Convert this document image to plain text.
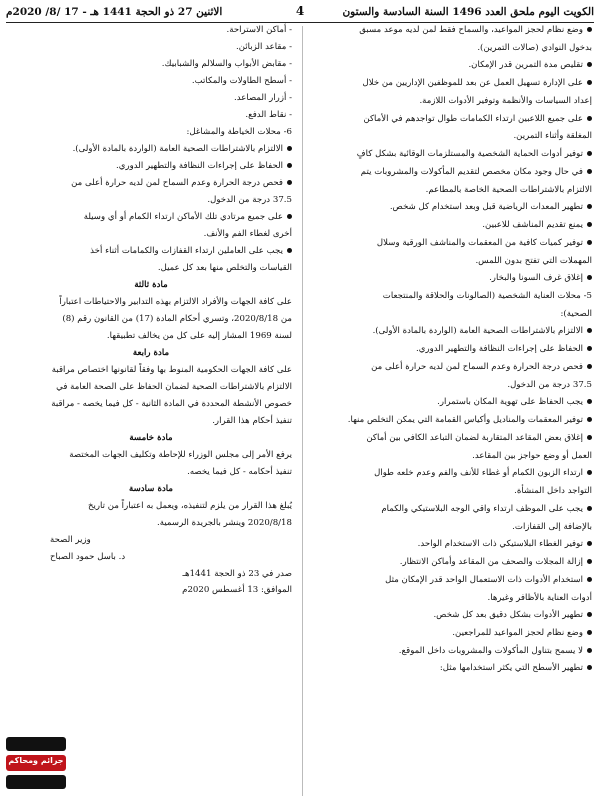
الكويت اليوم ملحق العدد 1496 السنة السادسة والستون
4
الاثنين 27 ذو الحجة 1441 هـ - 17 /8/ 2020م
وضع نظام لحجز المواعيد، والسماح فقط لمن لديه موعد مسبق
بدخول النوادي (صالات التمرين).
تقليص مدة التمرين قدر الإمكان.
على الإدارة تسهيل العمل عن بعد للموظفين الإداريين من خلال
إعداد السياسات والأنظمة وتوفير الأدوات اللازمة.
على جميع اللاعبين ارتداء الكمامات طوال تواجدهم في الأماكن
المغلقة وأثناء التمرين.
توفير أدوات الحماية الشخصية والمستلزمات الوقائية بشكل كافٍ
في حال وجود مكان مخصص لتقديم المأكولات والمشروبات يتم
الالتزام بالاشتراطات الصحية الخاصة بالمطاعم.
تطهير المعدات الرياضية قبل وبعد استخدام كل شخص.
يمنع تقديم المناشف للاعبين.
توفير كميات كافية من المعقمات والمناشف الورقية وسلال
المهملات التي تفتح بدون اللمس.
إغلاق غرف السونا والبخار.
5- محلات العناية الشخصية (الصالونات والحلاقة والمنتجعات
الصحية):
الالتزام بالاشتراطات الصحية العامة (الواردة بالمادة الأولى).
الحفاظ على إجراءات النظافة والتطهير الدوري.
فحص درجة الحرارة وعدم السماح لمن لديه حرارة أعلى من
37.5 درجة من الدخول.
يجب الحفاظ على تهوية المكان باستمرار.
توفير المعقمات والمناديل وأكياس القمامة التي يمكن التخلص منها.
إغلاق بعض المقاعد المتقاربة لضمان التباعد الكافي بين أماكن
العمل أو وضع حواجز بين المقاعد.
ارتداء الزبون الكمام أو غطاء للأنف والفم وعدم خلعه طوال
التواجد داخل المنشأة.
يجب على الموظف ارتداء واقي الوجه البلاستيكي والكمام
بالإضافة إلى القفازات.
توفير الغطاء البلاستيكي ذات الاستخدام الواحد.
إزالة المجلات والصحف من المقاعد وأماكن الانتظار.
استخدام الأدوات ذات الاستعمال الواحد قدر الإمكان مثل
أدوات العناية بالأظافر وغيرها.
تطهير الأدوات بشكل دقيق بعد كل شخص.
وضع نظام لحجز المواعيد للمراجعين.
لا يسمح بتناول المأكولات والمشروبات داخل الموقع.
تطهير الأسطح التي يكثر استخدامها مثل:
- أماكن الاستراحة.
- مقاعد الزبائن.
- مقابض الأبواب والسلالم والشبابيك.
- أسطح الطاولات والمكاتب.
- أزرار المصاعد.
- نقاط الدفع.
6- محلات الخياطة والمشاغل:
الالتزام بالاشتراطات الصحية العامة (الواردة بالمادة الأولى).
الحفاظ على إجراءات النظافة والتطهير الدوري.
فحص درجة الحرارة وعدم السماح لمن لديه حرارة أعلى من
37.5 درجة من الدخول.
على جميع مرتادي تلك الأماكن ارتداء الكمام أو أي وسيلة
أخرى لغطاء الفم والأنف.
يجب على العاملين ارتداء القفازات والكمامات أثناء أخذ
القياسات والتخلص منها بعد كل عميل.
مادة ثالثة
على كافة الجهات والأفراد الالتزام بهذه التدابير والاحتياطات اعتباراً
من 2020/8/18، وتسري أحكام المادة (17) من القانون رقم (8)
لسنة 1969 المشار إليه على كل من يخالف تطبيقها.
مادة رابعة
على كافة الجهات الحكومية المنوط بها وفقاً لقانونها اختصاص مراقبة
الالتزام بالاشتراطات الصحية لضمان الحفاظ على الصحة العامة في
خصوص الأنشطة المحددة في المادة الثانية - كل فيما يخصه - مراقبة
تنفيذ أحكام هذا القرار.
مادة خامسة
يرفع الأمر إلى مجلس الوزراء للإحاطة وتكليف الجهات المختصة
تنفيذ أحكامه - كل فيما يخصه.
مادة سادسة
يُبلغ هذا القرار من يلزم لتنفيذه، ويعمل به اعتباراً من تاريخ
2020/8/18 وينشر بالجريدة الرسمية.
وزير الصحة
د. باسل حمود الصباح
صدر في 23 ذو الحجة 1441هـ
الموافق: 13 أغسطس 2020م
جرائم ومحاكم
